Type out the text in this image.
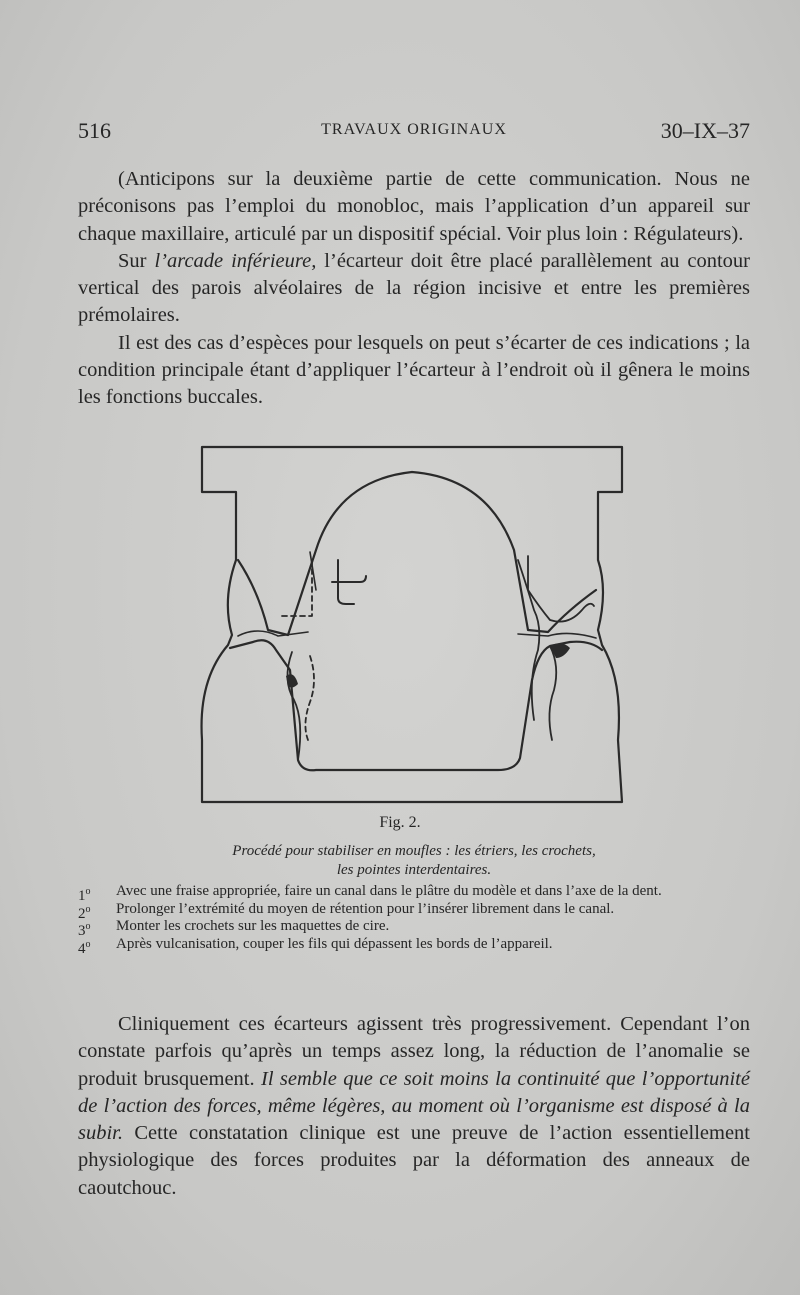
516	TRAVAUX ORIGINAUX	30–IX–37

(Anticipons sur la deuxième partie de cette communication. Nous ne préconisons pas l’emploi du monobloc, mais l’application d’un appareil sur chaque maxillaire, articulé par un dispositif spécial. Voir plus loin : Régulateurs).

Sur l’arcade inférieure, l’écarteur doit être placé parallèlement au contour vertical des parois alvéolaires de la région incisive et entre les premières prémolaires.

Il est des cas d’espèces pour lesquels on peut s’écarter de ces indications ; la condition principale étant d’appliquer l’écarteur à l’endroit où il gênera le moins les fonctions buccales.

Fig. 2.
Procédé pour stabiliser en moufles : les étriers, les crochets,
les pointes interdentaires.
1$^o$ Avec une fraise appropriée, faire un canal dans le plâtre du modèle et dans l’axe de la dent.
2$^o$ Prolonger l’extrémité du moyen de rétention pour l’insérer librement dans le canal.
3$^o$ Monter les crochets sur les maquettes de cire.
4$^o$ Après vulcanisation, couper les fils qui dépassent les bords de l’appareil.

Cliniquement ces écarteurs agissent très progressivement. Cependant l’on constate parfois qu’après un temps assez long, la réduction de l’anomalie se produit brusquement. Il semble que ce soit moins la continuité que l’opportunité de l’action des forces, même légères, au moment où l’organisme est disposé à la subir. Cette constatation clinique est une preuve de l’action essentiellement physiologique des forces produites par la déformation des anneaux de caoutchouc.
